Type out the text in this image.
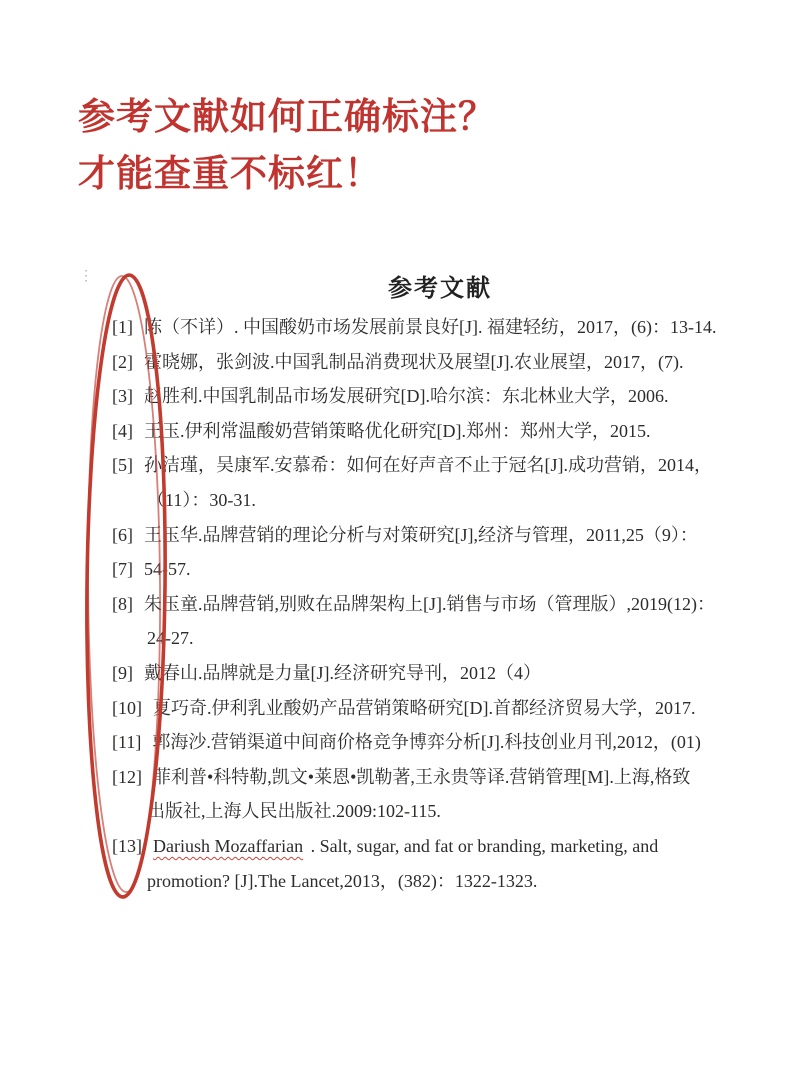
参考文献如何正确标注？
才能查重不标红！
⋮	参考文献
[1] 陈（不详）. 中国酸奶市场发展前景良好[J]. 福建轻纺，2017，(6)：13-14.
[2] 霍晓娜，张剑波.中国乳制品消费现状及展望[J].农业展望，2017，(7).
[3] 赵胜利.中国乳制品市场发展研究[D].哈尔滨：东北林业大学，2006.
[4] 王玉.伊利常温酸奶营销策略优化研究[D].郑州：郑州大学，2015.
[5] 孙洁瑾，吴康军.安慕希：如何在好声音不止于冠名[J].成功营销，2014，
（11）：30-31.
[6] 王玉华.品牌营销的理论分析与对策研究[J],经济与管理，2011,25（9）：
[7] 54-57.
[8] 朱玉童.品牌营销,别败在品牌架构上[J].销售与市场（管理版）,2019(12)：
24-27.
[9] 戴春山.品牌就是力量[J].经济研究导刊，2012（4）
[10] 夏巧奇.伊利乳业酸奶产品营销策略研究[D].首都经济贸易大学，2017.
[11] 郭海沙.营销渠道中间商价格竞争博弈分析[J].科技创业月刊,2012，(01)
[12] 菲利普•科特勒,凯文•莱恩•凯勒著,王永贵等译.营销管理[M].上海,格致
出版社,上海人民出版社.2009:102-115.
[13] Dariush Mozaffarian . Salt, sugar, and fat or branding, marketing, and
promotion? [J].The Lancet,2013，(382)：1322-1323.
